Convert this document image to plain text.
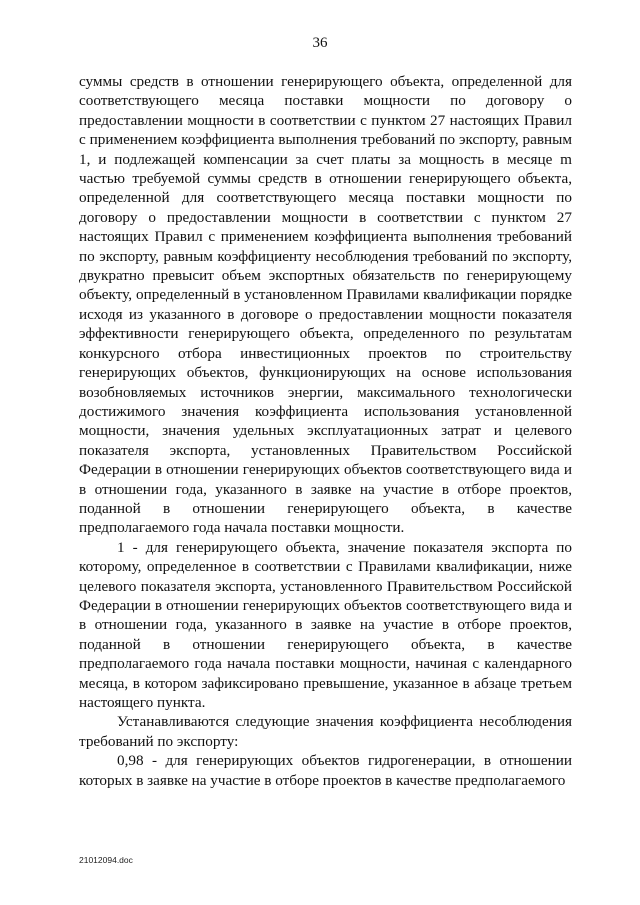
36

суммы средств в отношении генерирующего объекта, определенной для соответствующего месяца поставки мощности по договору о предоставлении мощности в соответствии с пунктом 27 настоящих Правил с применением коэффициента выполнения требований по экспорту, равным 1, и подлежащей компенсации за счет платы за мощность в месяце m частью требуемой суммы средств в отношении генерирующего объекта, определенной для соответствующего месяца поставки мощности по договору о предоставлении мощности в соответствии с пунктом 27 настоящих Правил с применением коэффициента выполнения требований по экспорту, равным коэффициенту несоблюдения требований по экспорту, двукратно превысит объем экспортных обязательств по генерирующему объекту, определенный в установленном Правилами квалификации порядке исходя из указанного в договоре о предоставлении мощности показателя эффективности генерирующего объекта, определенного по результатам конкурсного отбора инвестиционных проектов по строительству генерирующих объектов, функционирующих на основе использования возобновляемых источников энергии, максимального технологически достижимого значения коэффициента использования установленной мощности, значения удельных эксплуатационных затрат и целевого показателя экспорта, установленных Правительством Российской Федерации в отношении генерирующих объектов соответствующего вида и в отношении года, указанного в заявке на участие в отборе проектов, поданной в отношении генерирующего объекта, в качестве предполагаемого года начала поставки мощности.

1 - для генерирующего объекта, значение показателя экспорта по которому, определенное в соответствии с Правилами квалификации, ниже целевого показателя экспорта, установленного Правительством Российской Федерации в отношении генерирующих объектов соответствующего вида и в отношении года, указанного в заявке на участие в отборе проектов, поданной в отношении генерирующего объекта, в качестве предполагаемого года начала поставки мощности, начиная с календарного месяца, в котором зафиксировано превышение, указанное в абзаце третьем настоящего пункта.

Устанавливаются следующие значения коэффициента несоблюдения требований по экспорту:

0,98 - для генерирующих объектов гидрогенерации, в отношении которых в заявке на участие в отборе проектов в качестве предполагаемого

21012094.doc
